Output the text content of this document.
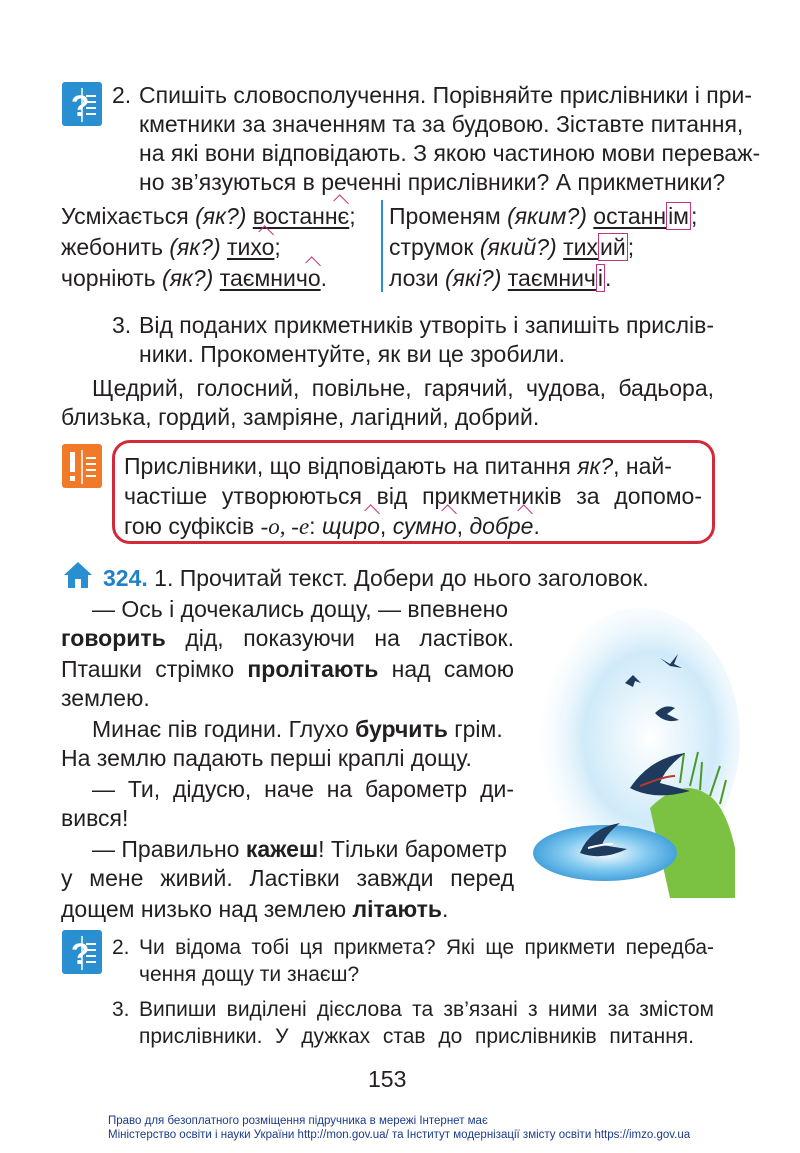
? 2. Спишіть словосполучення. Порівняйте прислівники і при-
кметники за значенням та за будовою. Зіставте питання,
на які вони відповідають. З якою частиною мови переваж-
но зв’язуються в реченні прислівники? А прикметники?
Усміхається (як?) востаннє;
жебонить (як?) тихо;
чорніють (як?) таємничо.
Променям (яким?) останнім;
струмок (який?) тихий;
лози (які?) таємничі.
3. Від поданих прикметників утворіть і запишіть прислів-
ники. Прокоментуйте, як ви це зробили.
Щедрий, голосний, повільне, гарячий, чудова, бадьора,
близька, гордий, замріяне, лагідний, добрий.
Прислівники, що відповідають на питання як?, най-
частіше утворюються від прикметників за допомо-
гою суфіксів -о, -е: щиро, сумно, добре.
324. 1. Прочитай текст. Добери до нього заголовок.
— Ось і дочекались дощу, — впевнено
говорить дід, показуючи на ластівок.
Пташки стрімко пролітають над самою
землею.
Минає пів години. Глухо бурчить грім.
На землю падають перші краплі дощу.
— Ти, дідусю, наче на барометр ди-
вився!
— Правильно кажеш! Тільки барометр
у мене живий. Ластівки завжди перед
дощем низько над землею літають.
? 2. Чи відома тобі ця прикмета? Які ще прикмети передба-
чення дощу ти знаєш?
3. Випиши виділені дієслова та зв’язані з ними за змістом
прислівники. У дужках став до прислівників питання.
153
Право для безоплатного розміщення підручника в мережі Інтернет має
Міністерство освіти і науки України http://mon.gov.ua/ та Інститут модернізації змісту освіти https://imzo.gov.ua
